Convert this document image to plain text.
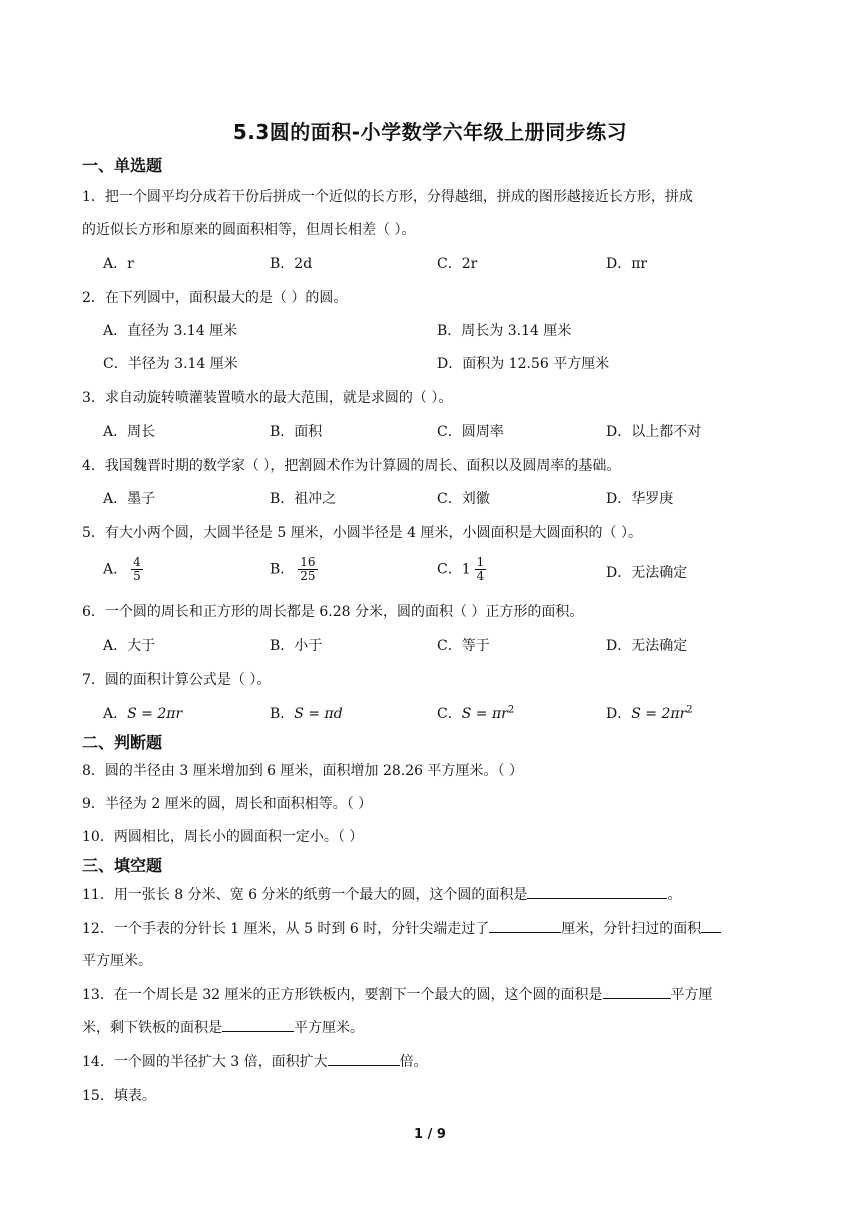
5.3圆的面积-小学数学六年级上册同步练习
一、单选题
1．把一个圆平均分成若干份后拼成一个近似的长方形，分得越细，拼成的图形越接近长方形，拼成
的近似长方形和原来的圆面积相等，但周长相差（ ）。
A．r	B．2d	C．2r	D．πr
2．在下列圆中，面积最大的是（ ）的圆。
A．直径为 3.14 厘米	B．周长为 3.14 厘米
C．半径为 3.14 厘米	D．面积为 12.56 平方厘米
3．求自动旋转喷灌装置喷水的最大范围，就是求圆的（ ）。
A．周长	B．面积	C．圆周率	D．以上都不对
4．我国魏晋时期的数学家（ ），把割圆术作为计算圆的周长、面积以及圆周率的基础。
A．墨子	B．祖冲之	C．刘徽	D．华罗庚
5．有大小两个圆，大圆半径是 5 厘米，小圆半径是 4 厘米，小圆面积是大圆面积的（ ）。
A． $\frac{4}{5}$	B． $\frac{16}{25}$	C．$1 \frac{1}{4}$	D．无法确定
6．一个圆的周长和正方形的周长都是 6.28 分米，圆的面积（ ）正方形的面积。
A．大于	B．小于	C．等于	D．无法确定
7．圆的面积计算公式是（ ）。
A．S = 2πr	B．S = πd	C．$S = \pi r^2$	D．$S = 2\pi r^2$
二、判断题
8．圆的半径由 3 厘米增加到 6 厘米，面积增加 28.26 平方厘米。（ ）
9．半径为 2 厘米的圆，周长和面积相等。（ ）
10．两圆相比，周长小的圆面积一定小。（ ）
三、填空题
11．用一张长 8 分米、宽 6 分米的纸剪一个最大的圆，这个圆的面积是	。
12．一个手表的分针长 1 厘米，从 5 时到 6 时，分针尖端走过了	厘米，分针扫过的面积
平方厘米。
13．在一个周长是 32 厘米的正方形铁板内，要割下一个最大的圆，这个圆的面积是	平方厘
米，剩下铁板的面积是	平方厘米。
14．一个圆的半径扩大 3 倍，面积扩大	倍。
15．填表。
1 / 9
